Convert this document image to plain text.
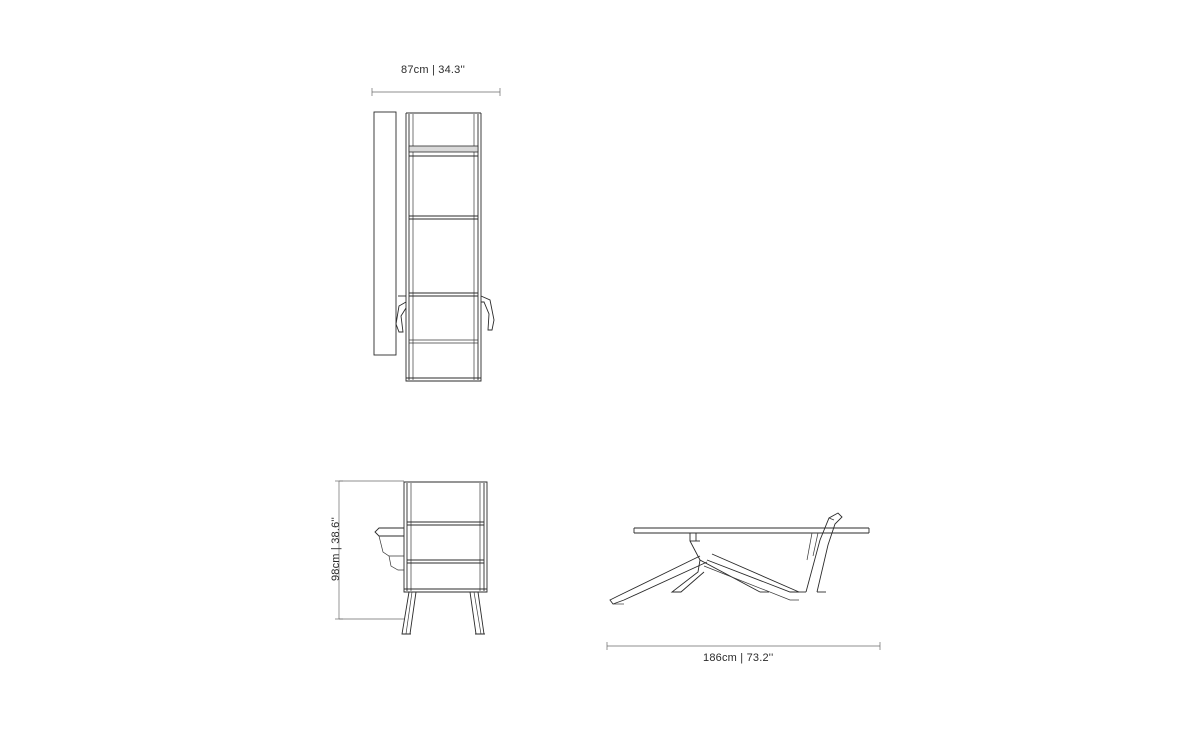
87cm | 34.3''
98cm | 38.6''
186cm | 73.2''
